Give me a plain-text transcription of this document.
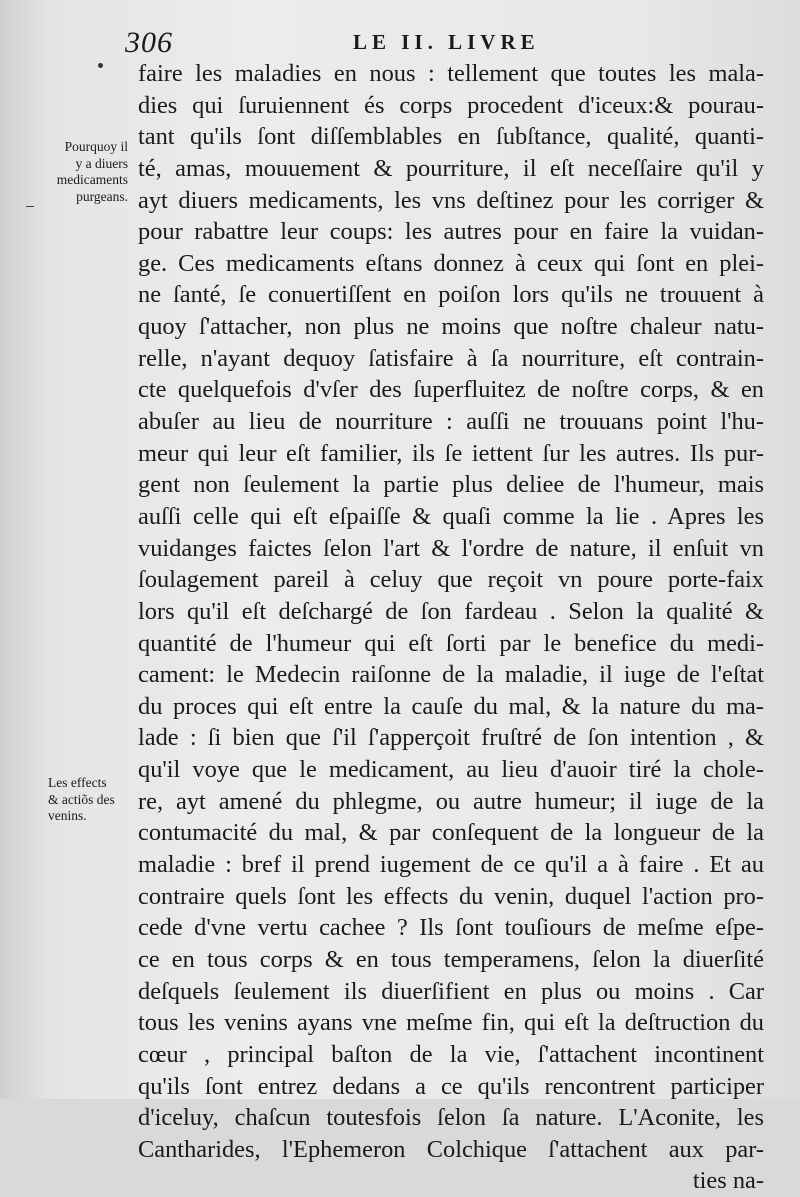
306	LE II. LIVRE
Pourquoy il
y a diuers
medicaments
purgeans.
Les effects
& actiõs des
venins.
faire les maladies en nous : tellement que toutes les mala-
dies qui ſuruiennent és corps procedent d'iceux:& pourau-
tant qu'ils ſont diſſemblables en ſubſtance, qualité, quanti-
té, amas, mouuement & pourriture, il eſt neceſſaire qu'il y
ayt diuers medicaments, les vns deſtinez pour les corriger &
pour rabattre leur coups: les autres pour en faire la vuidan-
ge. Ces medicaments eſtans donnez à ceux qui ſont en plei-
ne ſanté, ſe conuertiſſent en poiſon lors qu'ils ne trouuent à
quoy ſ'attacher, non plus ne moins que noſtre chaleur natu-
relle, n'ayant dequoy ſatisfaire à ſa nourriture, eſt contrain-
cte quelquefois d'vſer des ſuperfluitez de noſtre corps, & en
abuſer au lieu de nourriture : auſſi ne trouuans point l'hu-
meur qui leur eſt familier, ils ſe iettent ſur les autres. Ils pur-
gent non ſeulement la partie plus deliee de l'humeur, mais
auſſi celle qui eſt eſpaiſſe & quaſi comme la lie . Apres les
vuidanges faictes ſelon l'art & l'ordre de nature, il enſuit vn
ſoulagement pareil à celuy que reçoit vn poure porte-faix
lors qu'il eſt deſchargé de ſon fardeau . Selon la qualité &
quantité de l'humeur qui eſt ſorti par le benefice du medi-
cament: le Medecin raiſonne de la maladie, il iuge de l'eſtat
du proces qui eſt entre la cauſe du mal, & la nature du ma-
lade : ſi bien que ſ'il ſ'apperçoit fruſtré de ſon intention , &
qu'il voye que le medicament, au lieu d'auoir tiré la chole-
re, ayt amené du phlegme, ou autre humeur; il iuge de la
contumacité du mal, & par conſequent de la longueur de la
maladie : bref il prend iugement de ce qu'il a à faire . Et au
contraire quels ſont les effects du venin, duquel l'action pro-
cede d'vne vertu cachee ? Ils ſont touſiours de meſme eſpe-
ce en tous corps & en tous temperamens, ſelon la diuerſité
deſquels ſeulement ils diuerſifient en plus ou moins . Car
tous les venins ayans vne meſme fin, qui eſt la deſtruction du
cœur , principal baſton de la vie, ſ'attachent incontinent
qu'ils ſont entrez dedans a ce qu'ils rencontrent participer
d'iceluy, chaſcun toutesfois ſelon ſa nature. L'Aconite, les
Cantharides, l'Ephemeron Colchique ſ'attachent aux par-
ties na-
